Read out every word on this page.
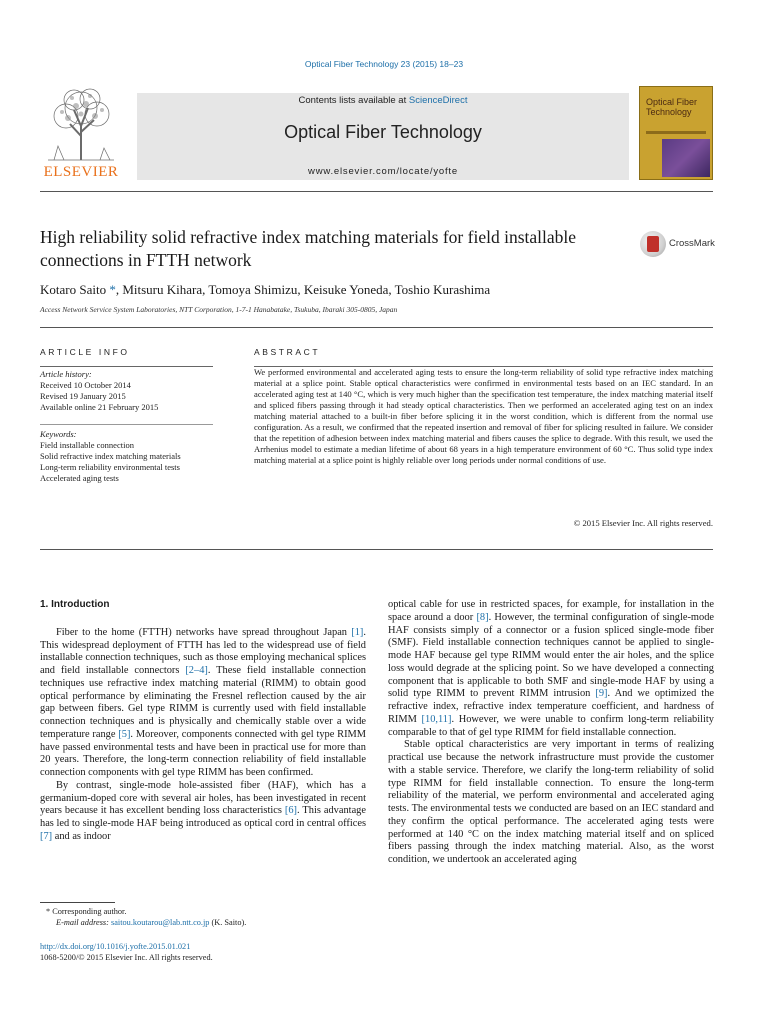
Optical Fiber Technology 23 (2015) 18–23
ELSEVIER
Contents lists available at ScienceDirect
Optical Fiber Technology
www.elsevier.com/locate/yofte
Optical Fiber Technology
High reliability solid refractive index matching materials for field installable connections in FTTH network
CrossMark
Kotaro Saito *, Mitsuru Kihara, Tomoya Shimizu, Keisuke Yoneda, Toshio Kurashima
Access Network Service System Laboratories, NTT Corporation, 1-7-1 Hanabatake, Tsukuba, Ibaraki 305-0805, Japan
ARTICLE INFO	ABSTRACT
Article history:
Received 10 October 2014
Revised 19 January 2015
Available online 21 February 2015
Keywords:
Field installable connection
Solid refractive index matching materials
Long-term reliability environmental tests
Accelerated aging tests
We performed environmental and accelerated aging tests to ensure the long-term reliability of solid type refractive index matching material at a splice point. Stable optical characteristics were confirmed in environmental tests based on an IEC standard. In an accelerated aging test at 140 °C, which is very much higher than the specification test temperature, the index matching material itself and spliced fibers passing through it had steady optical characteristics. Then we performed an accelerated aging test on an index matching material attached to a built-in fiber before splicing it in the worst condition, which is different from the normal use configuration. As a result, we confirmed that the repeated insertion and removal of fiber for splicing resulted in failure. We consider that the repetition of adhesion between index matching material and fibers causes the splice to degrade. With this result, we used the Arrhenius model to estimate a median lifetime of about 68 years in a high temperature environment of 60 °C. Thus solid type index matching material at a splice point is highly reliable over long periods under normal conditions of use.
© 2015 Elsevier Inc. All rights reserved.
1. Introduction

Fiber to the home (FTTH) networks have spread throughout Japan [1]. This widespread deployment of FTTH has led to the widespread use of field installable connection techniques, such as those employing mechanical splices and field installable connectors [2–4]. These field installable connection techniques use refractive index matching material (RIMM) to obtain good optical performance by eliminating the Fresnel reflection caused by the air gap between fibers. Gel type RIMM is currently used with field installable connection techniques and is physically and chemically stable over a wide temperature range [5]. Moreover, components connected with gel type RIMM have passed environmental tests and have been in practical use for more than 20 years. Therefore, the long-term connection reliability of field installable connection components with gel type RIMM has been confirmed.

By contrast, single-mode hole-assisted fiber (HAF), which has a germanium-doped core with several air holes, has been investigated in recent years because it has excellent bending loss characteristics [6]. This advantage has led to single-mode HAF being introduced as optical cord in central offices [7] and as indoor

optical cable for use in restricted spaces, for example, for installation in the space around a door [8]. However, the terminal configuration of single-mode HAF consists simply of a connector or a fusion spliced single-mode fiber (SMF). Field installable connection techniques cannot be applied to single-mode HAF because gel type RIMM would enter the air holes, and the splice loss would degrade at the splicing point. So we have developed a connecting component that is applicable to both SMF and single-mode HAF by using a solid type RIMM to prevent RIMM intrusion [9]. And we optimized the refractive index, refractive index temperature coefficient, and hardness of RIMM [10,11]. However, we were unable to confirm long-term reliability comparable to that of gel type RIMM for field installable connection.

Stable optical characteristics are very important in terms of realizing practical use because the network infrastructure must provide the customer with a stable service. Therefore, we clarify the long-term reliability of solid type RIMM for field installable connection. To ensure the long-term reliability of the material, we perform environmental and accelerated aging tests. The environmental tests we conducted are based on an IEC standard and they confirm the optical performance. The accelerated aging tests were performed at 140 °C on the index matching material itself and on spliced fibers passing through the index matching material. Also, as the worst condition, we undertook an accelerated aging

* Corresponding author.
E-mail address: saitou.koutarou@lab.ntt.co.jp (K. Saito).
http://dx.doi.org/10.1016/j.yofte.2015.01.021
1068-5200/© 2015 Elsevier Inc. All rights reserved.
